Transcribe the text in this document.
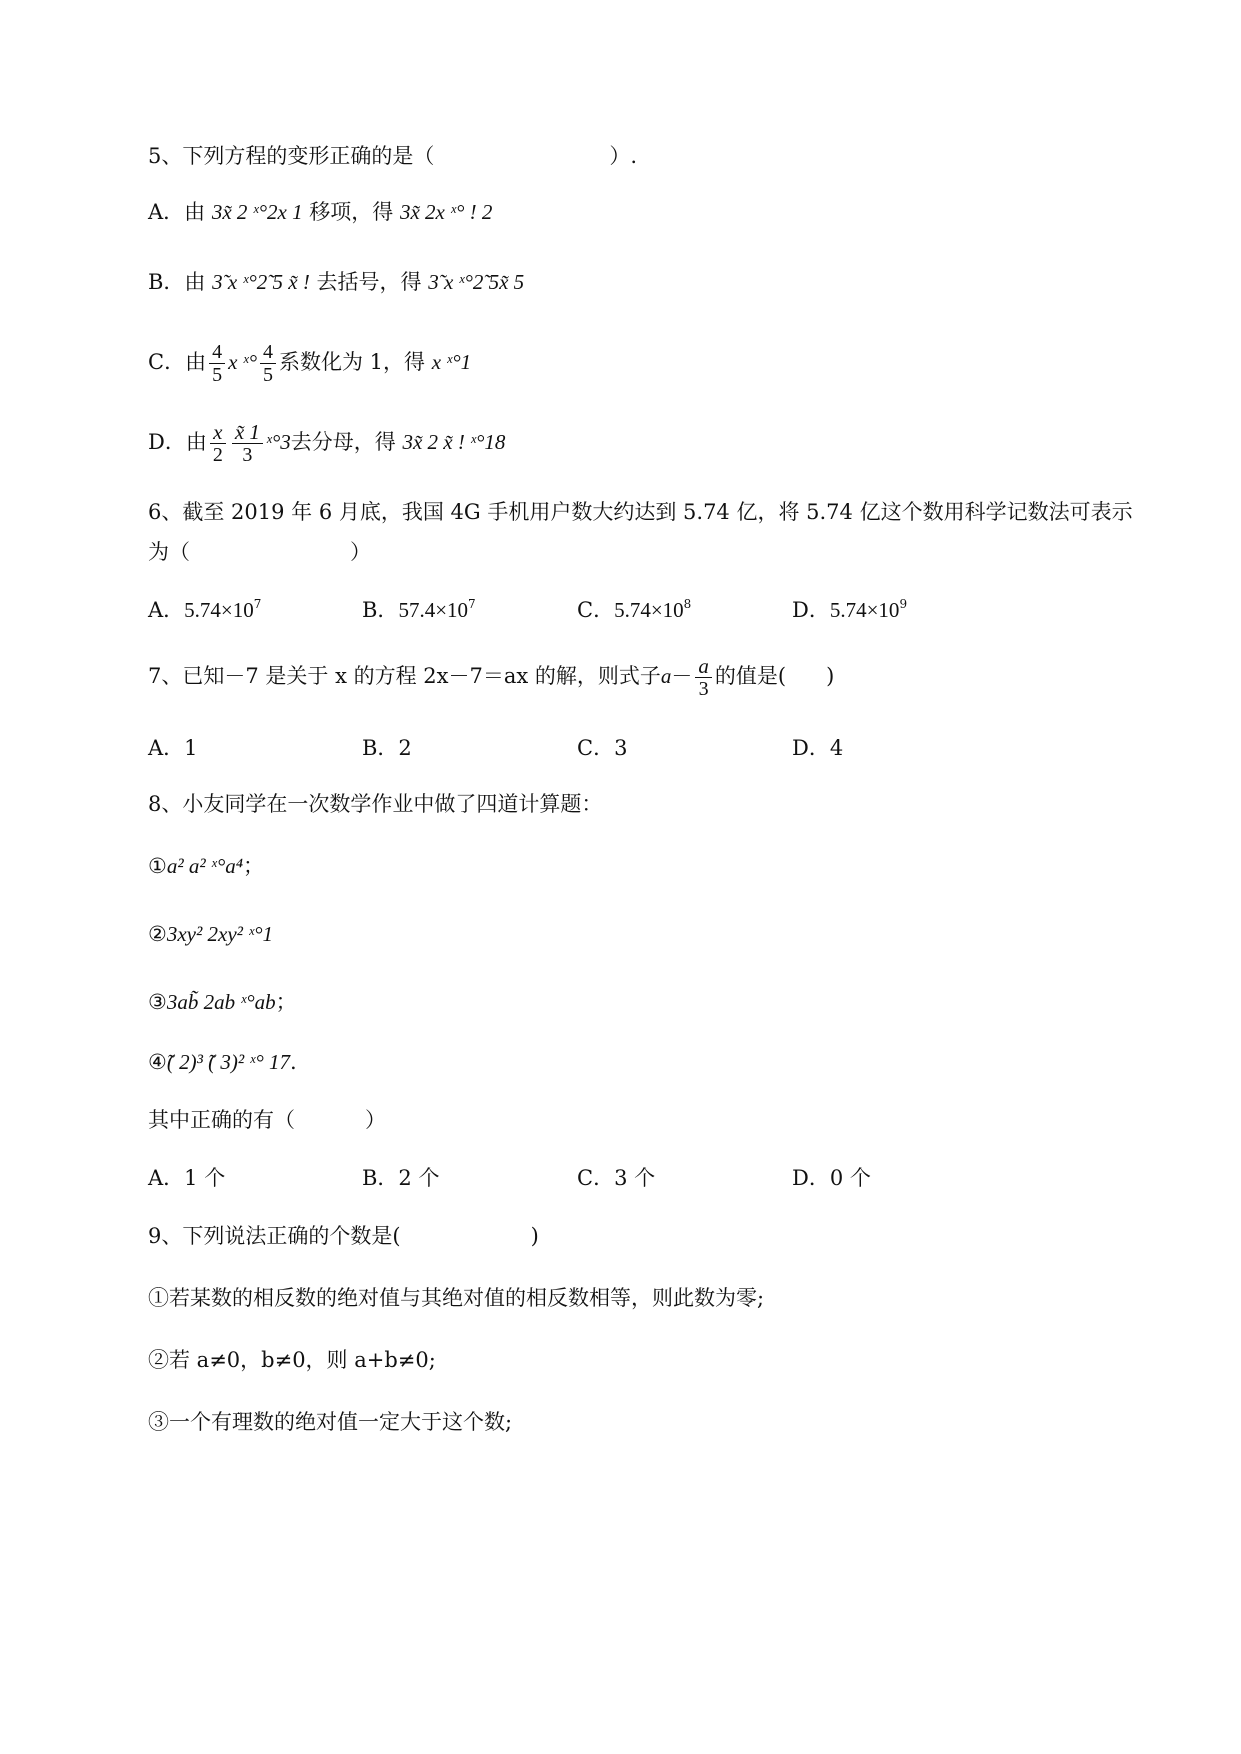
5、下列方程的变形正确的是（	）.
A．由 3x̃ 2 ˣ°2x 1 移项，得 3x̃ 2x ˣ° ! 2
B．由 3̃ x ˣ°2̃ 5 x̃ ! 去括号，得 3̃ x ˣ°2̃ 5x̃ 5
C．由 $\frac{4}{5}$ x ˣ° $\frac{4}{5}$ 系数化为 1，得 x ˣ°1
D．由 $\frac{x}{2} \frac{x̃ 1}{3}$ ˣ°3去分母，得 3x̃ 2 x̃ ! ˣ°18
6、截至 2019 年 6 月底，我国 4G 手机用户数大约达到 5.74 亿，将 5.74 亿这个数用科学记数法可表示
为（	）
A．$5.74\times 10^7$	B．$57.4\times 10^7$	C．$5.74\times 10^8$	D．$5.74\times 10^9$
7、已知－7 是关于 x 的方程 2x－7＝ax 的解，则式子$a- \frac{a}{3}$ 的值是( )
A．1	B．2	C．3	D．4
8、小友同学在一次数学作业中做了四道计算题：
①a² a² ˣ°a⁴；
②3xy² 2xy² ˣ°1
③3ab̃ 2ab ˣ°ab；
④̃( 2)³ ̃( 3)² ˣ° 17.
其中正确的有（	）
A．1 个	B．2 个	C．3 个	D．0 个
9、下列说法正确的个数是(	)
①若某数的相反数的绝对值与其绝对值的相反数相等，则此数为零;
②若 a≠0，b≠0，则 a+b≠0;
③一个有理数的绝对值一定大于这个数;
